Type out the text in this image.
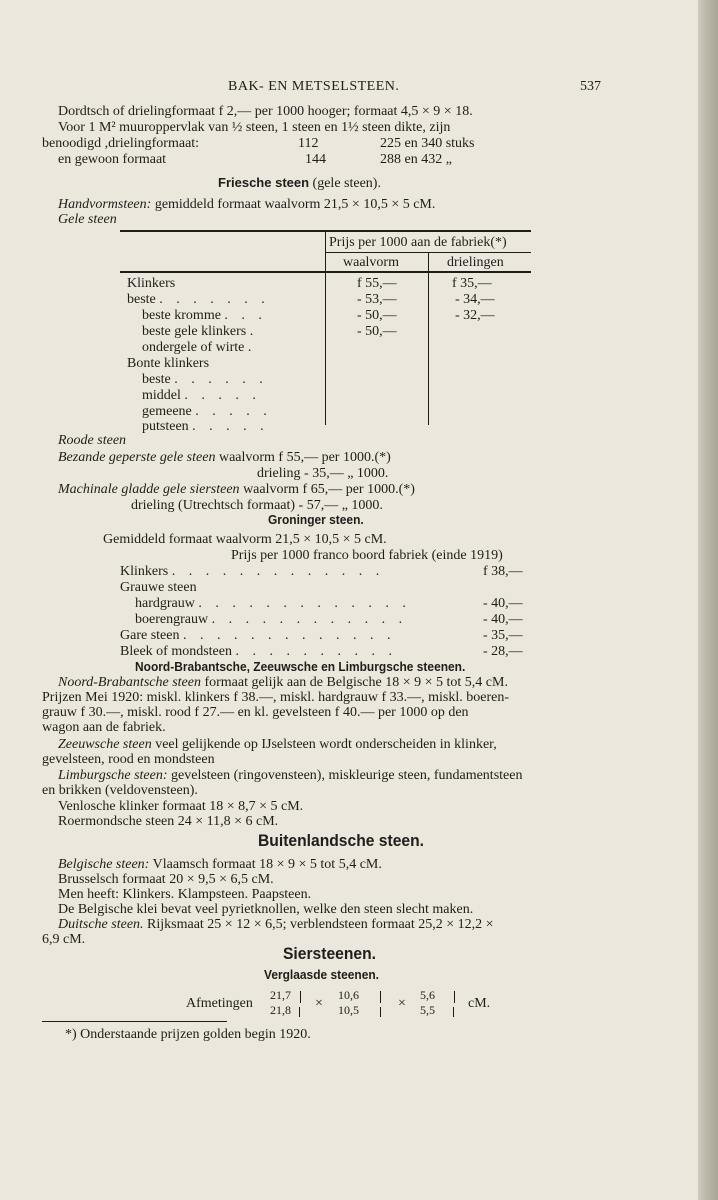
BAK- EN METSELSTEEN.	537
Dordtsch of drielingformaat f 2,— per 1000 hooger; formaat 4,5 × 9 × 18.
Voor 1 M² muuroppervlak van ½ steen, 1 steen en 1½ steen dikte, zijn
benoodigd ,drielingformaat:	112	225 en 340 stuks
en gewoon formaat	144	288 en 432 „
Friesche steen (gele steen).
Handvormsteen: gemiddeld formaat waalvorm 21,5 × 10,5 × 5 cM.
Gele steen
Prijs per 1000 aan de fabriek(*)
waalvorm	drielingen
Klinkers	f 55,—	f 35,—
beste . . . . . . .	- 53,—	- 34,—
beste kromme . . .	- 50,—	- 32,—
beste gele klinkers .	- 50,—
ondergele of wirte .
Bonte klinkers
beste . . . . . .
middel . . . . .
gemeene . . . . .
putsteen . . . . .
Roode steen
Bezande geperste gele steen waalvorm f 55,— per 1000.(*)
drieling - 35,— „ 1000.
Machinale gladde gele siersteen waalvorm f 65,— per 1000.(*)
drieling (Utrechtsch formaat) - 57,— „ 1000.
Groninger steen.
Gemiddeld formaat waalvorm 21,5 × 10,5 × 5 cM.
Prijs per 1000 franco boord fabriek (einde 1919)
Klinkers . . . . . . . . . . . . .	f 38,—
Grauwe steen
hardgrauw . . . . . . . . . . . . .	- 40,—
boerengrauw . . . . . . . . . . . .	- 40,—
Gare steen . . . . . . . . . . . . .	- 35,—
Bleek of mondsteen . . . . . . . . . .	- 28,—
Noord-Brabantsche, Zeeuwsche en Limburgsche steenen.
Noord-Brabantsche steen formaat gelijk aan de Belgische 18 × 9 × 5 tot 5,4 cM.
Prijzen Mei 1920: miskl. klinkers f 38.—, miskl. hardgrauw f 33.—, miskl. boeren-
grauw f 30.—, miskl. rood f 27.— en kl. gevelsteen f 40.— per 1000 op den
wagon aan de fabriek.
Zeeuwsche steen veel gelijkende op IJselsteen wordt onderscheiden in klinker,
gevelsteen, rood en mondsteen
Limburgsche steen: gevelsteen (ringovensteen), miskleurige steen, fundamentsteen
en brikken (veldovensteen).
Venlosche klinker formaat 18 × 8,7 × 5 cM.
Roermondsche steen 24 × 11,8 × 6 cM.
Buitenlandsche steen.
Belgische steen: Vlaamsch formaat 18 × 9 × 5 tot 5,4 cM.
Brusselsch formaat 20 × 9,5 × 6,5 cM.
Men heeft: Klinkers. Klampsteen. Paapsteen.
De Belgische klei bevat veel pyrietknollen, welke den steen slecht maken.
Duitsche steen. Rijksmaat 25 × 12 × 6,5; verblendsteen formaat 25,2 × 12,2 ×
6,9 cM.
Siersteenen.
Verglaasde steenen.
Afmetingen
21,7
21,8 ×
10,6
10,5	×
5,6
5,5 cM.
*) Onderstaande prijzen golden begin 1920.
